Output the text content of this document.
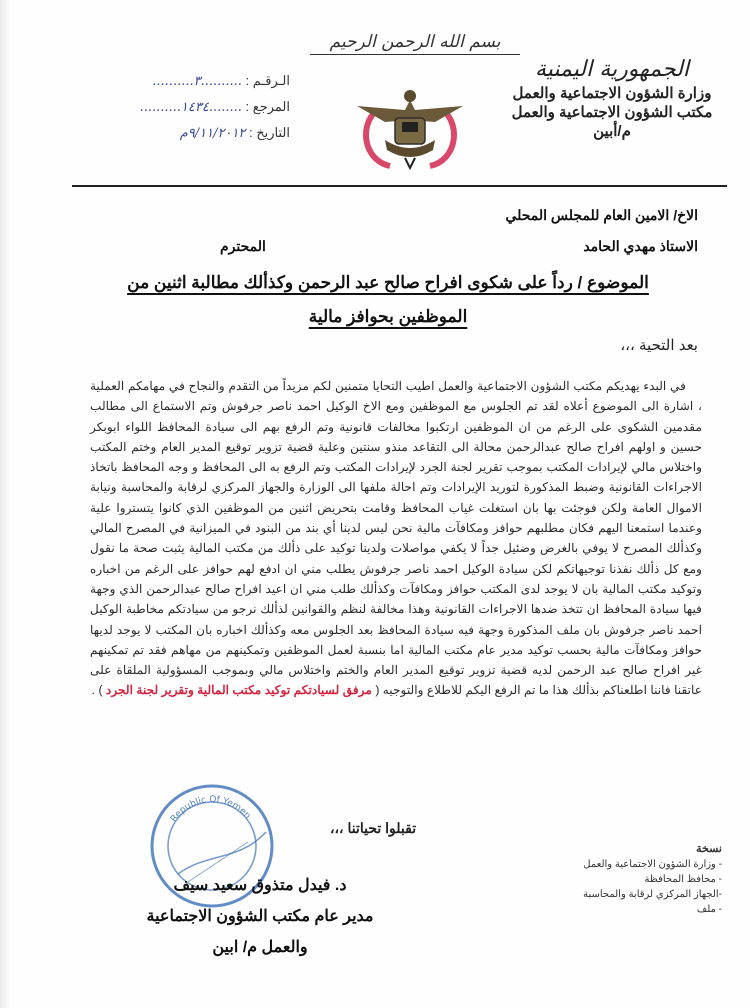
الجمهورية اليمنية
وزارة الشؤون الاجتماعية والعمل
مكتب الشؤون الاجتماعية والعمل
م/أبين
بسم الله الرحمن الرحيم
الـرقـم : ..........٣..........
المرجع : ........١٤٣٤..........
التاريخ : ٩/١١/٢٠١٢م
الاخ/ الامين العام للمجلس المحلي
الاستاذ مهدي الحامد
المحترم
الموضوع / رداً على شكوى افراح صالح عبد الرحمن وكذألك مطالبة اثنين من
الموظفين بحوافز مالية
بعد التحية ،،،

في البدء يهديكم مكتب الشؤون الاجتماعية والعمل اطيب التحايا متمنين لكم مزيداً من التقدم والنجاح في مهامكم العملية ، اشارة الى الموضوع أعلاه لقد تم الجلوس مع الموظفين ومع الاخ الوكيل احمد ناصر جرفوش وتم الاستماع الى مطالب مقدمين الشكوى على الرغم من ان الموظفين ارتكبوا مخالفات قانونية وتم الرفع بهم الى سيادة المحافظ اللواء ابوبكر حسين و اولهم افراح صالح عبدالرحمن محالة الى التقاعد منذو سنتين وعلية قضية تزوير توقيع المدير العام وختم المكتب واختلاس مالي لإيرادات المكتب بموجب تقرير لجنة الجرد لإيرادات المكتب وتم الرفع به الى المحافظ و وجه المحافظ باتخاذ الاجراءات القانونية وضبط المذكورة لتوريد الإيرادات وتم احالة ملفها الى الوزارة والجهاز المركزي لرقابة والمحاسبة ونيابة الاموال العامة ولكن فوجئت بها بان استغلت غياب المحافظ وقامت بتحريض اثنين من الموظفين الذي كانوا يتستروا علية وعندما استمعنا اليهم فكان مطلبهم حوافز ومكافآت مالية نحن ليس لدينا أي بند من البنود في الميزانية في المصرح المالي وكذألك المصرح لا يوفي بالغرض وضئيل جداً لا يكفي مواصلات ولدينا توكيد على ذألك من مكتب المالية يثبت صحة ما نقول ومع كل ذألك نفذنا توجيهاتكم لكن سيادة الوكيل احمد ناصر جرفوش يطلب مني ان ادفع لهم حوافز على الرغم من اخباره وتوكيد مكتب المالية بان لا يوجد لدى المكتب حوافز ومكافآت وكذألك طلب مني ان اعيد افراح صالح عبدالرحمن الذي وجهة فيها سيادة المحافظ ان تتخذ ضدها الاجراءات القانونية وهذا مخالفة لنظم والقوانين لذألك نرجو من سيادتكم مخاطبة الوكيل احمد ناصر جرفوش بان ملف المذكورة وجهة فيه سيادة المحافظ بعد الجلوس معه وكذألك اخباره بان المكتب لا يوجد لديها حوافز ومكافآت مالية بحسب توكيد مدير عام مكتب المالية اما بنسبة لعمل الموظفين وتمكينهم من مهاهم فقد تم تمكينهم غير افراح صالح عبد الرحمن لديه قضية تزوير توقيع المدير العام والختم واختلاس مالي وبموجب المسؤولية الملقاة على عاتقنا فاننا اطلعناكم بذألك هذا ما تم الرفع اليكم للاطلاع والتوجيه ( مرفق لسيادتكم توكيد مكتب المالية وتقرير لجنة الجرد ) .

Republic Of Yemen
تقبلوا تحياتنا ،،،
نسخة
- وزارة الشؤون الاجتماعية والعمل
- محافظ المحافظة
-الجهاز المركزي لرقابة والمحاسبة
- ملف
د. فيدل متذوق سعيد سيف
مدير عام مكتب الشؤون الاجتماعية
والعمل م/ ابين
